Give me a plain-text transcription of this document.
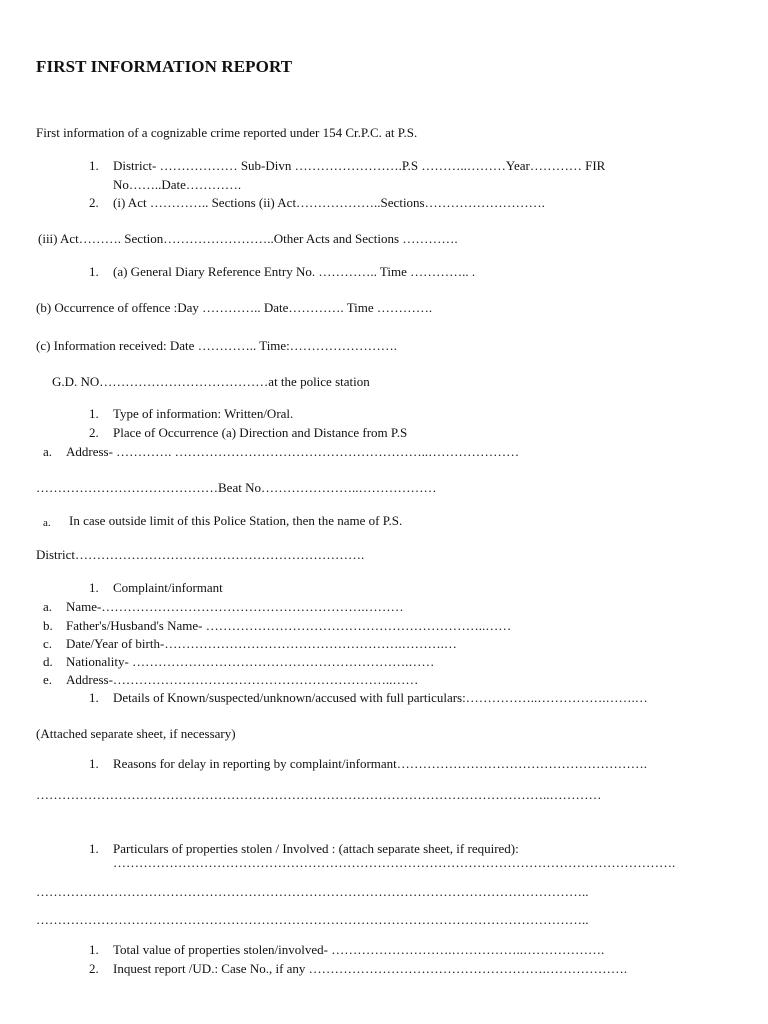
FIRST INFORMATION REPORT
First information of a cognizable crime reported under 154 Cr.P.C. at P.S.
1. District- ……………… Sub-Divn …………………….P.S ………..………Year………… FIR
No……..Date………….
2. (i) Act ………….. Sections (ii) Act………………..Sections……………………….
(iii) Act………. Section……………………..Other Acts and Sections ………….
1. (a) General Diary Reference Entry No. ………….. Time ………….. .
(b) Occurrence of offence :Day ………….. Date…………. Time ………….
(c) Information received: Date ………….. Time:…………………….
G.D. NO…………………………………at the police station
1. Type of information: Written/Oral.
2. Place of Occurrence (a) Direction and Distance from P.S
a. Address- …………. …………………………………………………..…………………
……………………………………Beat No…………………..………………
a. In case outside limit of this Police Station, then the name of P.S.
District………………………………………………………….
1. Complaint/informant
a. Name-…………………………………………………….………
b. Father's/Husband's Name- ………………………………………………………..……
c. Date/Year of birth-……………………………………………….……….…
d. Nationality- ……………………………………………………….……
e. Address-………………………………………………………..……
1. Details of Known/suspected/unknown/accused with full particulars:……………..…………….…….…
(Attached separate sheet, if necessary)
1. Reasons for delay in reporting by complaint/informant………………………………………………….
………………………………………………………………………………………………………..…………
1. Particulars of properties stolen / Involved : (attach separate sheet, if required):
………………………………………………………………………………………………………………….
………………………………………………………………………………………………………………..
………………………………………………………………………………………………………………..
1. Total value of properties stolen/involved- ……………………….……………..……………….
2. Inquest report /UD.: Case No., if any ……………………………………………….……………….
